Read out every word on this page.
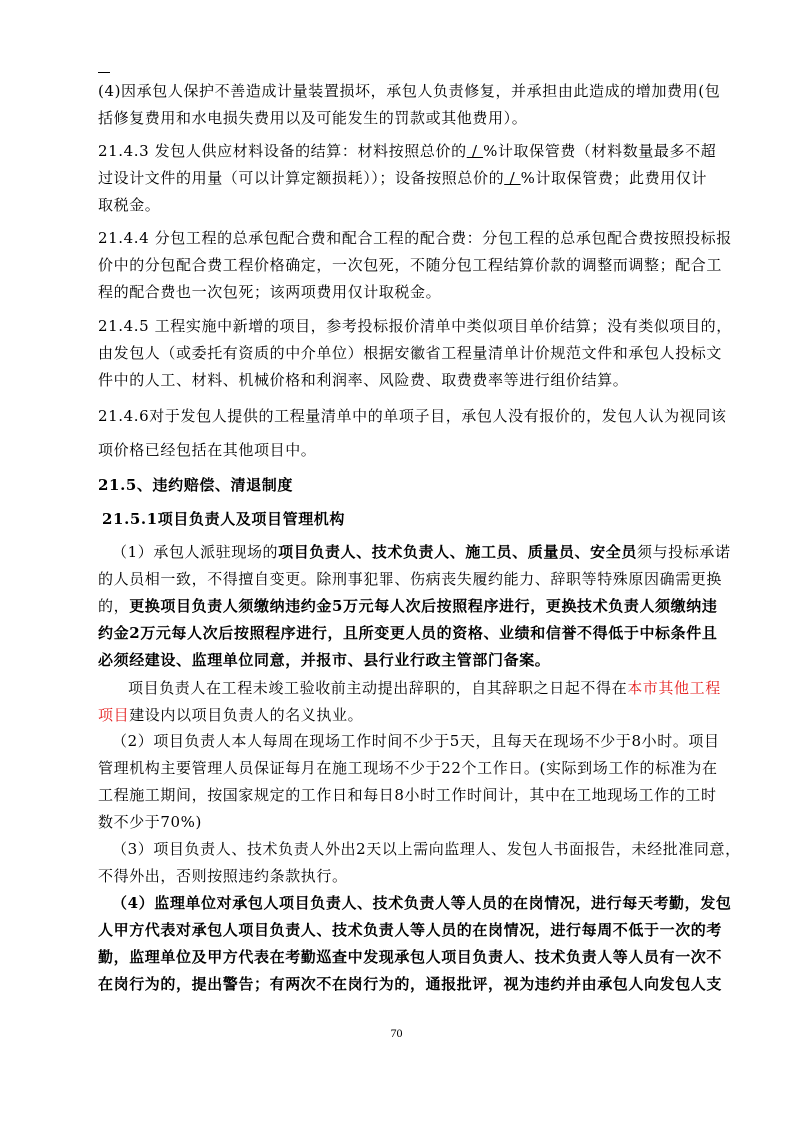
(4)因承包人保护不善造成计量装置损坏，承包人负责修复，并承担由此造成的增加费用(包
括修复费用和水电损失费用以及可能发生的罚款或其他费用）。
21.4.3 发包人供应材料设备的结算：材料按照总价的 / %计取保管费（材料数量最多不超
过设计文件的用量（可以计算定额损耗））；设备按照总价的 / %计取保管费；此费用仅计
取税金。
21.4.4 分包工程的总承包配合费和配合工程的配合费：分包工程的总承包配合费按照投标报
价中的分包配合费工程价格确定，一次包死，不随分包工程结算价款的调整而调整；配合工
程的配合费也一次包死；该两项费用仅计取税金。
21.4.5 工程实施中新增的项目，参考投标报价清单中类似项目单价结算；没有类似项目的，
由发包人（或委托有资质的中介单位）根据安徽省工程量清单计价规范文件和承包人投标文
件中的人工、材料、机械价格和利润率、风险费、取费费率等进行组价结算。
21.4.6对于发包人提供的工程量清单中的单项子目，承包人没有报价的，发包人认为视同该
项价格已经包括在其他项目中。
21.5、违约赔偿、清退制度
21.5.1项目负责人及项目管理机构
（1）承包人派驻现场的项目负责人、技术负责人、施工员、质量员、安全员须与投标承诺
的人员相一致，不得擅自变更。除刑事犯罪、伤病丧失履约能力、辞职等特殊原因确需更换
的，更换项目负责人须缴纳违约金5万元每人次后按照程序进行，更换技术负责人须缴纳违
约金2万元每人次后按照程序进行，且所变更人员的资格、业绩和信誉不得低于中标条件且
必须经建设、监理单位同意，并报市、县行业行政主管部门备案。
项目负责人在工程未竣工验收前主动提出辞职的，自其辞职之日起不得在本市其他工程
项目建设内以项目负责人的名义执业。
（2）项目负责人本人每周在现场工作时间不少于5天，且每天在现场不少于8小时。项目
管理机构主要管理人员保证每月在施工现场不少于22个工作日。(实际到场工作的标准为在
工程施工期间，按国家规定的工作日和每日8小时工作时间计，其中在工地现场工作的工时
数不少于70%)
（3）项目负责人、技术负责人外出2天以上需向监理人、发包人书面报告，未经批准同意，
不得外出，否则按照违约条款执行。
（4）监理单位对承包人项目负责人、技术负责人等人员的在岗情况，进行每天考勤，发包
人甲方代表对承包人项目负责人、技术负责人等人员的在岗情况，进行每周不低于一次的考
勤，监理单位及甲方代表在考勤巡查中发现承包人项目负责人、技术负责人等人员有一次不
在岗行为的，提出警告；有两次不在岗行为的，通报批评，视为违约并由承包人向发包人支
70
